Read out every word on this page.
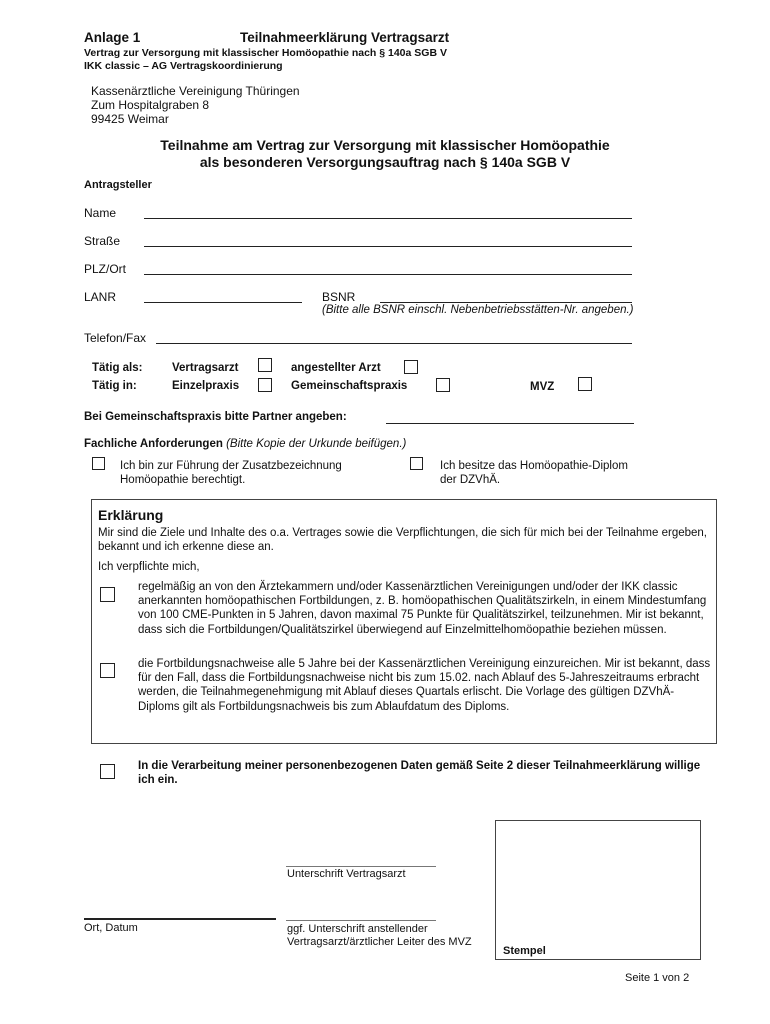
Anlage 1	Teilnahmeerklärung Vertragsarzt
Vertrag zur Versorgung mit klassischer Homöopathie nach § 140a SGB V
IKK classic – AG Vertragskoordinierung
Kassenärztliche Vereinigung Thüringen
Zum Hospitalgraben 8
99425 Weimar
Teilnahme am Vertrag zur Versorgung mit klassischer Homöopathie
als besonderen Versorgungsauftrag nach § 140a SGB V
Antragsteller
Name
Straße
PLZ/Ort
LANR	BSNR
(Bitte alle BSNR einschl. Nebenbetriebsstätten-Nr. angeben.)
Telefon/Fax
Tätig als:	Vertragsarzt	angestellter Arzt
Tätig in:	Einzelpraxis	Gemeinschaftspraxis	MVZ
Bei Gemeinschaftspraxis bitte Partner angeben:
Fachliche Anforderungen (Bitte Kopie der Urkunde beifügen.)
Ich bin zur Führung der Zusatzbezeichnung
Homöopathie berechtigt.
Ich besitze das Homöopathie-Diplom
der DZVhÄ.
Erklärung
Mir sind die Ziele und Inhalte des o.a. Vertrages sowie die Verpflichtungen, die sich für mich bei der Teilnahme ergeben, bekannt und ich erkenne diese an.
Ich verpflichte mich,
regelmäßig an von den Ärztekammern und/oder Kassenärztlichen Vereinigungen und/oder der IKK classic anerkannten homöopathischen Fortbildungen, z. B. homöopathischen Qualitätszirkeln, in einem Mindestumfang von 100 CME-Punkten in 5 Jahren, davon maximal 75 Punkte für Qualitätszirkel, teilzunehmen. Mir ist bekannt, dass sich die Fortbildungen/Qualitätszirkel überwiegend auf Einzelmittelhomöopathie beziehen müssen.
die Fortbildungsnachweise alle 5 Jahre bei der Kassenärztlichen Vereinigung einzureichen. Mir ist bekannt, dass für den Fall, dass die Fortbildungsnachweise nicht bis zum 15.02. nach Ablauf des 5-Jahreszeitraums erbracht werden, die Teilnahmegenehmigung mit Ablauf dieses Quartals erlischt. Die Vorlage des gültigen DZVhÄ-Diploms gilt als Fortbildungsnachweis bis zum Ablaufdatum des Diploms.
In die Verarbeitung meiner personenbezogenen Daten gemäß Seite 2 dieser Teilnahmeerklärung willige ich ein.
Unterschrift Vertragsarzt
Ort, Datum	ggf. Unterschrift anstellender Vertragsarzt/ärztlicher Leiter des MVZ
Stempel
Seite 1 von 2
